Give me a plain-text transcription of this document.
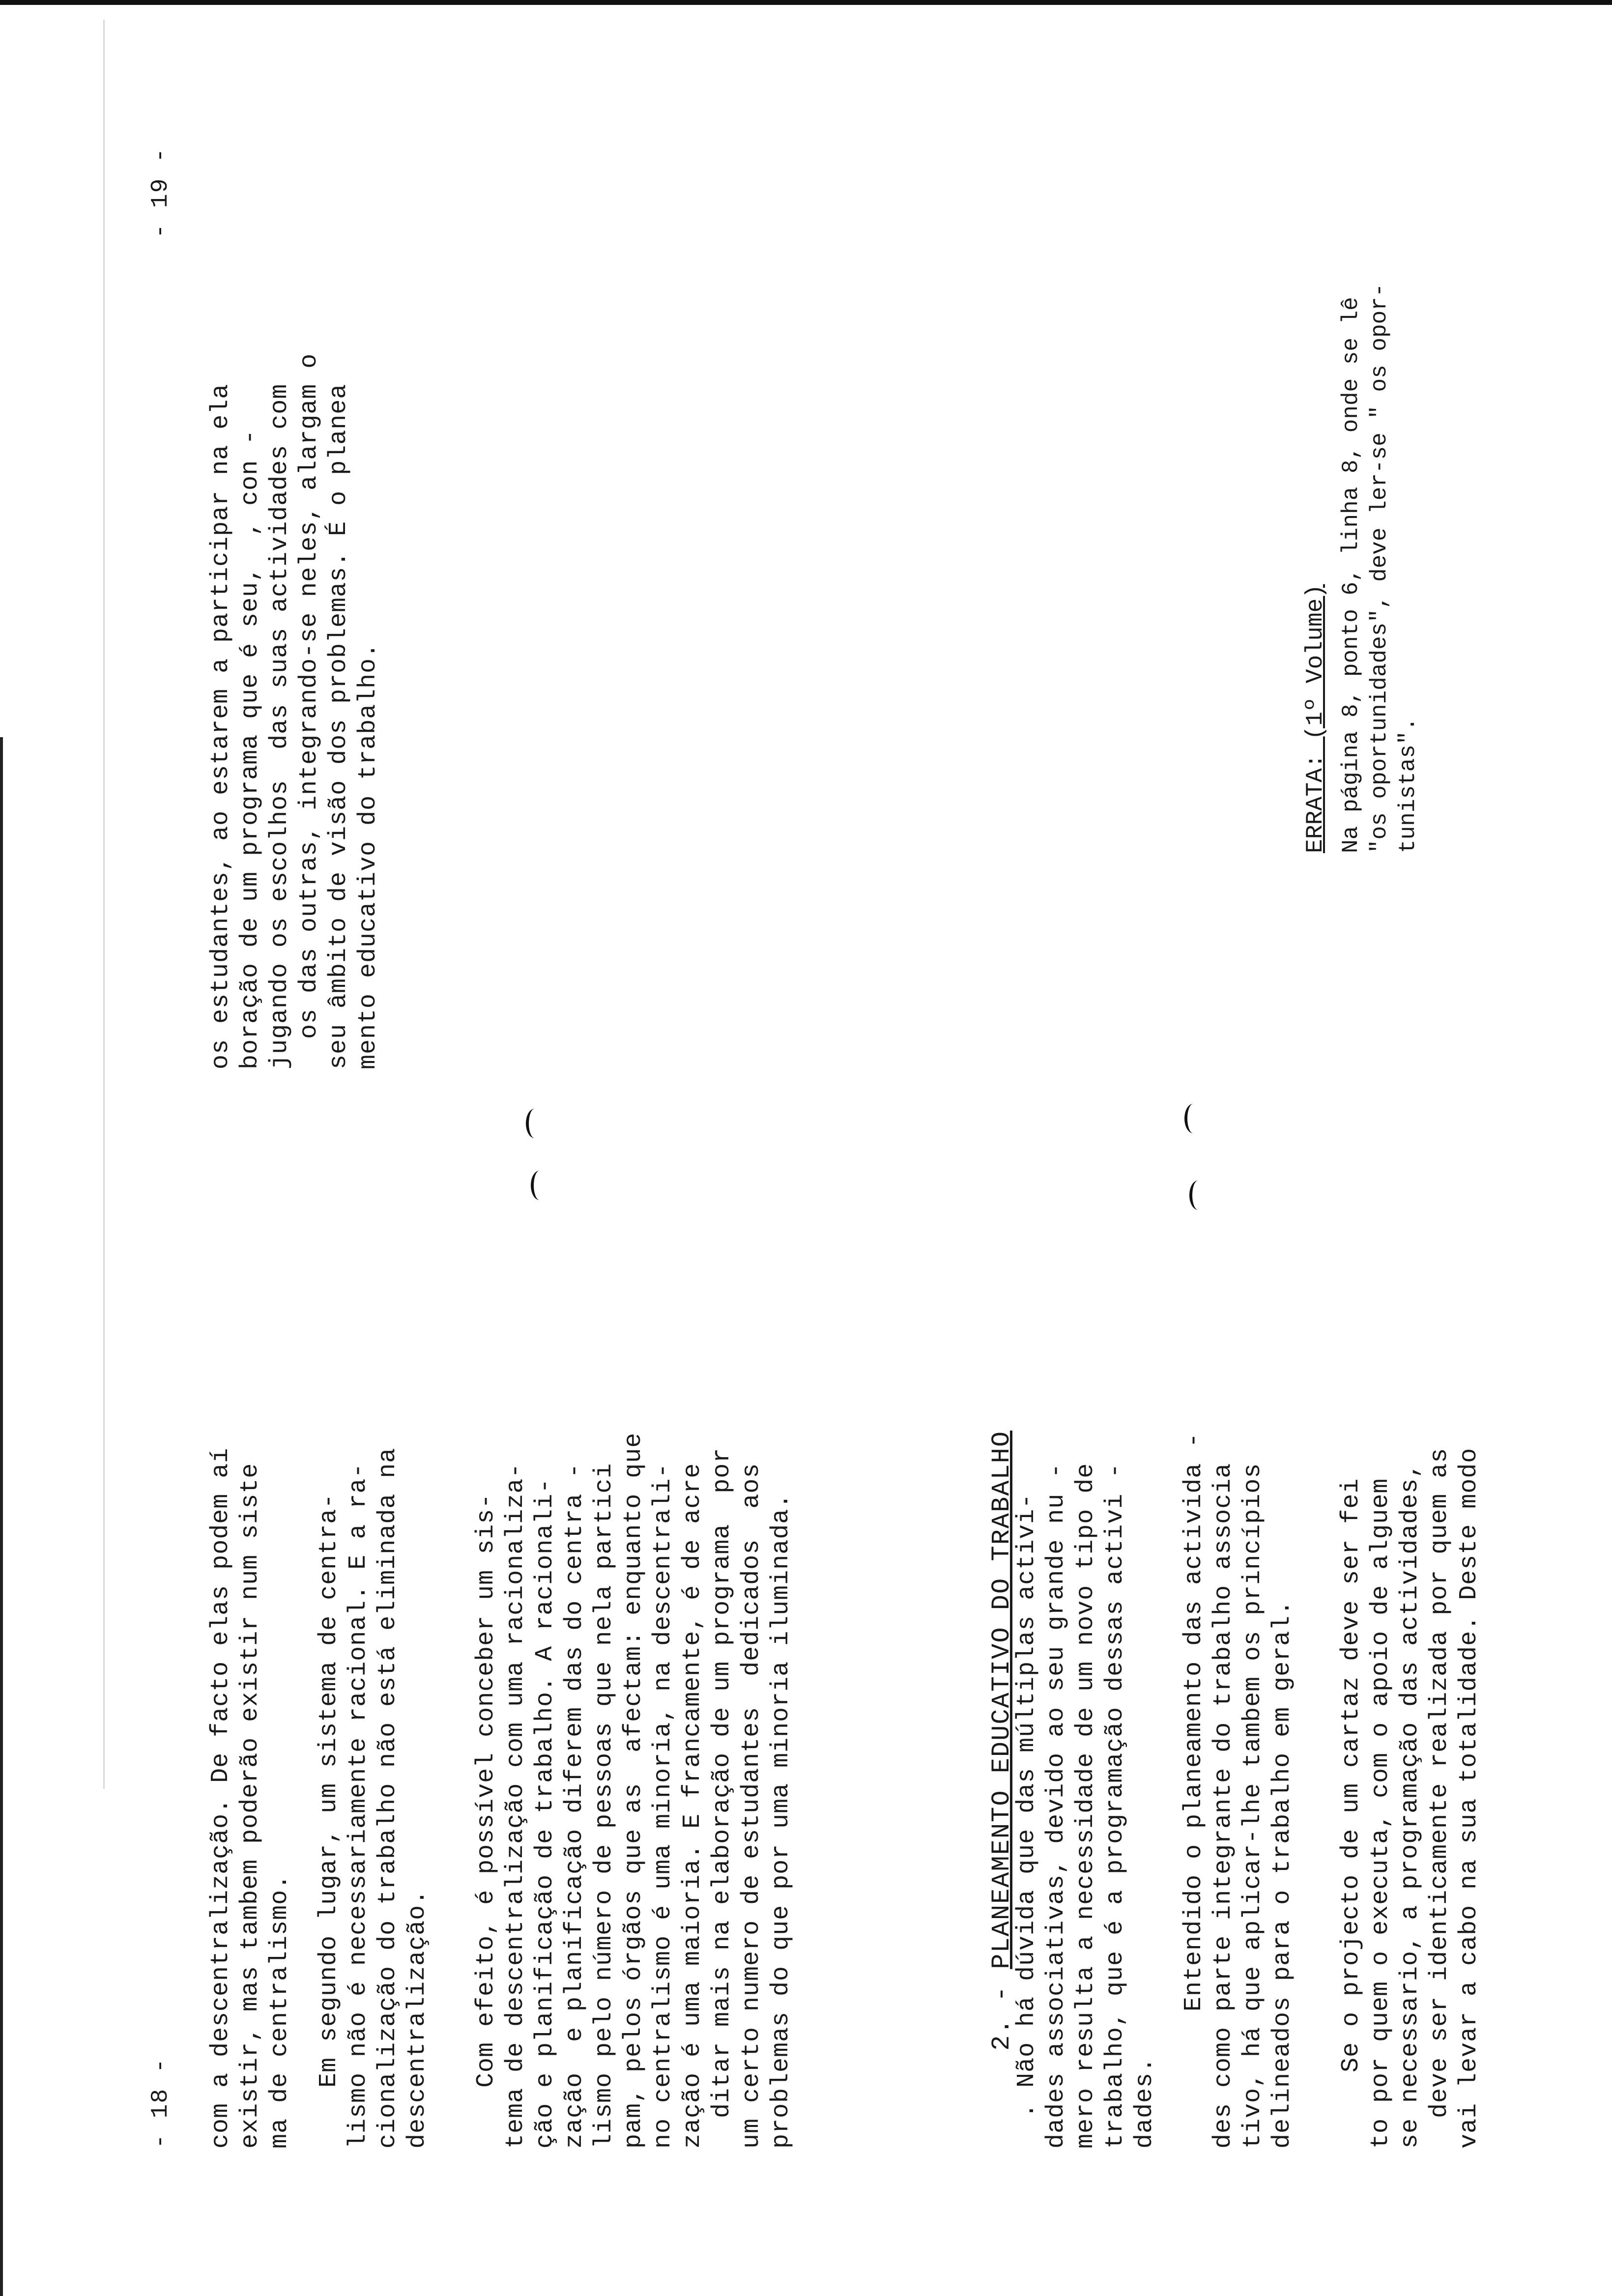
- 18 - com a descentralização. De facto elas podem aí
existir, mas tambem poderão existir num siste
ma de centralismo.
Em segundo lugar, um sistema de centra-
lismo não é necessariamente racional. E a ra-
cionalização do trabalho não está eliminada na
descentralização. Com efeito, é possível conceber um sis-
tema de descentralização com uma racionaliza-
ção e planificação de trabalho. A racionali-
zação  e planificação diferem das do centra -
lismo pelo número de pessoas que nela partici
pam, pelos órgãos que as  afectam: enquanto que
no centralismo é uma minoria, na descentrali-
zação é uma maioria. E francamente, é de acre
ditar mais na elaboração de um programa  por
um certo numero de estudantes  dedicados  aos
problemas do que por uma minoria iluminada.

2. - PLANEAMENTO EDUCATIVO DO TRABALHO

. Não há dúvida que das múltiplas activi-
dades associativas, devido ao seu grande nu -
mero resulta a necessidade de um novo tipo de
trabalho, que é a programação dessas activi -
dades.
Entendido o planeamento das activida -
des como parte integrante do trabalho associa
tivo, há que aplicar-lhe tambem os princípios
delineados para o trabalho em geral.
Se o projecto de um cartaz deve ser fei
to por quem o executa, com o apoio de alguem
se necessario, a programação das actividades,
deve ser identicamente realizada por quem as
vai levar a cabo na sua totalidade. Deste modo
- 19 -
os estudantes, ao estarem a participar na ela
boração de um programa que é seu,  , con -
jugando os escolhos  das suas actividades com
os das outras, integrando-se neles, alargam o
seu âmbito de visão dos problemas. É o planea
mento educativo do trabalho.	ERRATA: (1º Volume) Na página 8, ponto 6, linha 8, onde se lê
"os oportunidades", deve ler-se " os opor-
tunistas".
